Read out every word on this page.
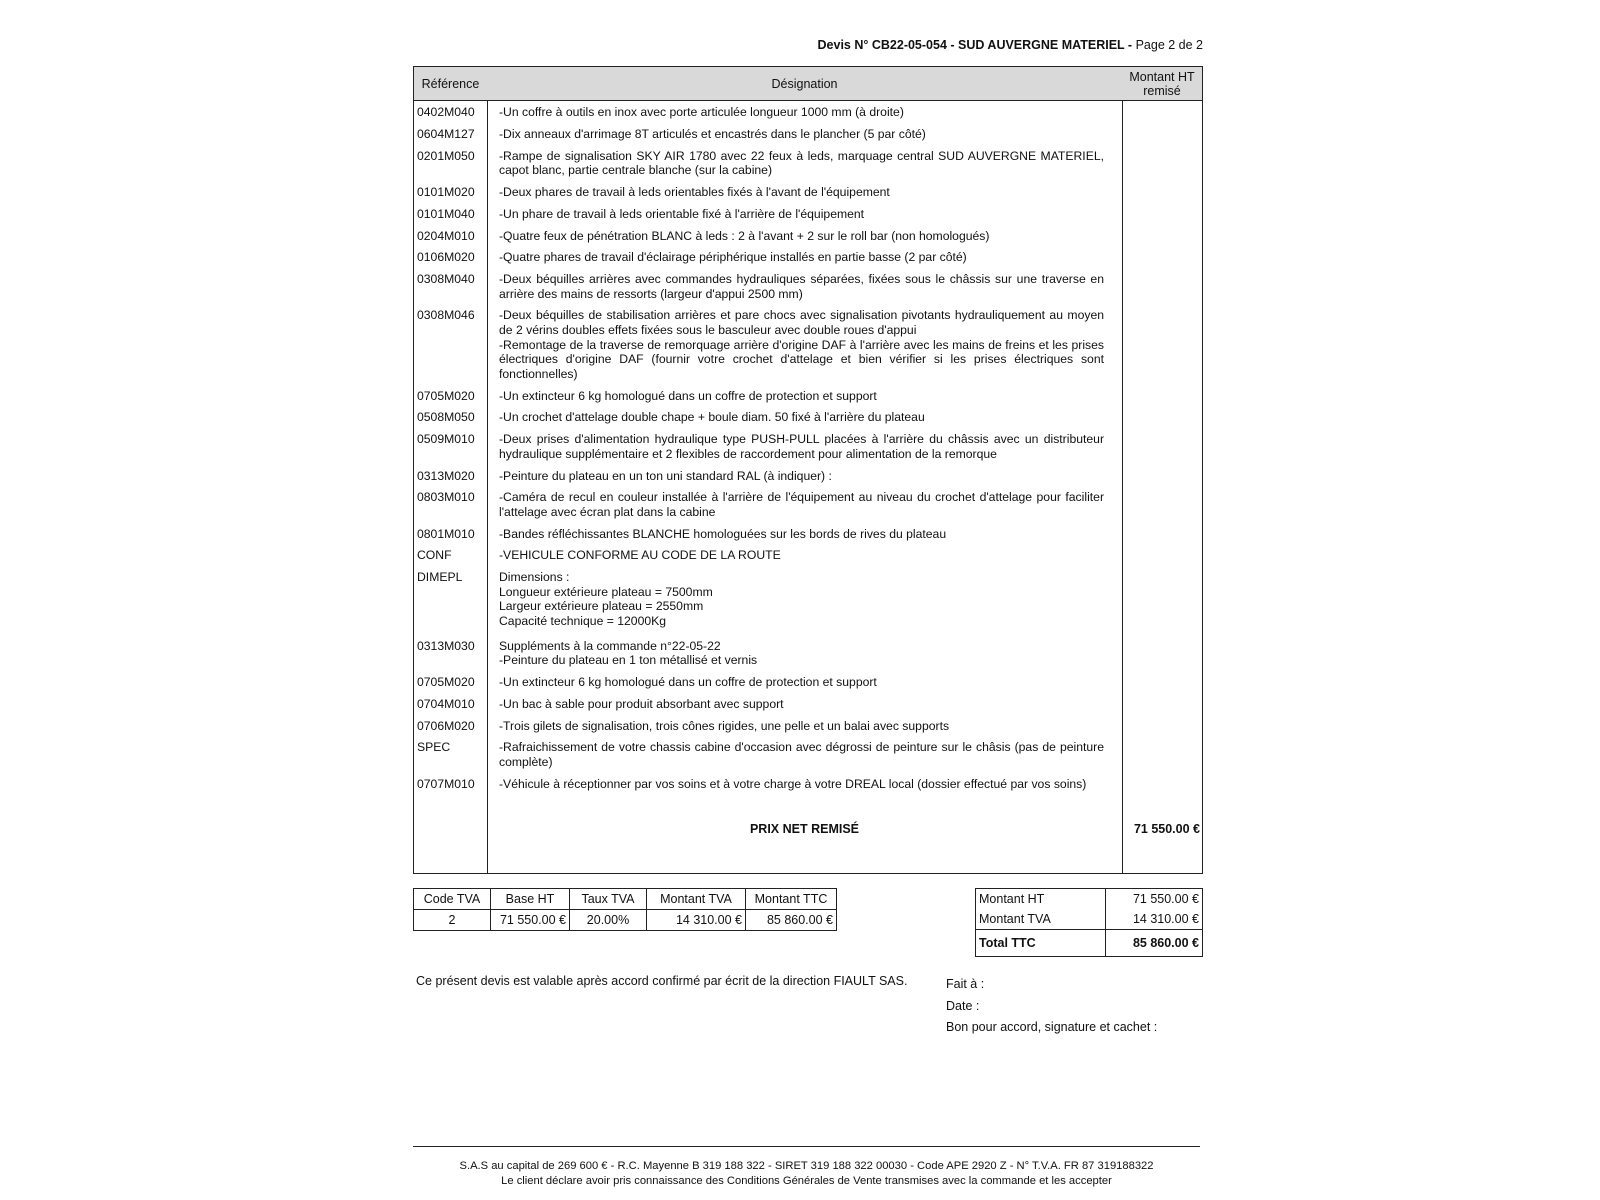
Devis N° CB22-05-054 - SUD AUVERGNE MATERIEL - Page 2 de 2
Référence	Désignation	Montant HT
remisé
0402M040	-Un coffre à outils en inox avec porte articulée longueur 1000 mm (à droite)
0604M127	-Dix anneaux d'arrimage 8T articulés et encastrés dans le plancher (5 par côté)
0201M050	-Rampe de signalisation SKY AIR 1780 avec 22 feux à leds, marquage central SUD AUVERGNE MATERIEL, capot blanc, partie centrale blanche (sur la cabine)
0101M020	-Deux phares de travail à leds orientables fixés à l'avant de l'équipement
0101M040	-Un phare de travail à leds orientable fixé à l'arrière de l'équipement
0204M010	-Quatre feux de pénétration BLANC à leds : 2 à l'avant + 2 sur le roll bar (non homologués)
0106M020	-Quatre phares de travail d'éclairage périphérique installés en partie basse (2 par côté)
0308M040	-Deux béquilles arrières avec commandes hydrauliques séparées, fixées sous le châssis sur une traverse en arrière des mains de ressorts (largeur d'appui 2500 mm)
0308M046	-Deux béquilles de stabilisation arrières et pare chocs avec signalisation pivotants hydrauliquement au moyen de 2 vérins doubles effets fixées sous le basculeur avec double roues d'appui
-Remontage de la traverse de remorquage arrière d'origine DAF à l'arrière avec les mains de freins et les prises électriques d'origine DAF (fournir votre crochet d'attelage et bien vérifier si les prises électriques sont fonctionnelles)
0705M020	-Un extincteur 6 kg homologué dans un coffre de protection et support
0508M050	-Un crochet d'attelage double chape + boule diam. 50 fixé à l'arrière du plateau
0509M010	-Deux prises d'alimentation hydraulique type PUSH-PULL placées à l'arrière du châssis avec un distributeur hydraulique supplémentaire et 2 flexibles de raccordement pour alimentation de la remorque
0313M020	-Peinture du plateau en un ton uni standard RAL (à indiquer) :
0803M010	-Caméra de recul en couleur installée à l'arrière de l'équipement au niveau du crochet d'attelage pour faciliter l'attelage avec écran plat dans la cabine
0801M010	-Bandes réfléchissantes BLANCHE homologuées sur les bords de rives du plateau
CONF	-VEHICULE CONFORME AU CODE DE LA ROUTE
DIMEPL	Dimensions :
Longueur extérieure plateau = 7500mm
Largeur extérieure plateau = 2550mm
Capacité technique = 12000Kg
0313M030	Suppléments à la commande n°22-05-22
-Peinture du plateau en 1 ton métallisé et vernis
0705M020	-Un extincteur 6 kg homologué dans un coffre de protection et support
0704M010	-Un bac à sable pour produit absorbant avec support
0706M020	-Trois gilets de signalisation, trois cônes rigides, une pelle et un balai avec supports
SPEC	-Rafraichissement de votre chassis cabine d'occasion avec dégrossi de peinture sur le châsis (pas de peinture complète)
0707M010	-Véhicule à réceptionner par vos soins et à votre charge à votre DREAL local (dossier effectué par vos soins)
PRIX NET REMISÉ	71 550.00 €
Code TVA	Base HT	Taux TVA	Montant TVA	Montant TTC
2	71 550.00 €	20.00%	14 310.00 €	85 860.00 €
Montant HT	71 550.00 €
Montant TVA	14 310.00 €
Total TTC	85 860.00 €
Ce présent devis est valable après accord confirmé par écrit de la direction FIAULT SAS.	Fait à :
Date :
Bon pour accord, signature et cachet :
S.A.S au capital de 269 600 € - R.C. Mayenne B 319 188 322 - SIRET 319 188 322 00030 - Code APE 2920 Z - N° T.V.A. FR 87 319188322
Le client déclare avoir pris connaissance des Conditions Générales de Vente transmises avec la commande et les accepter
